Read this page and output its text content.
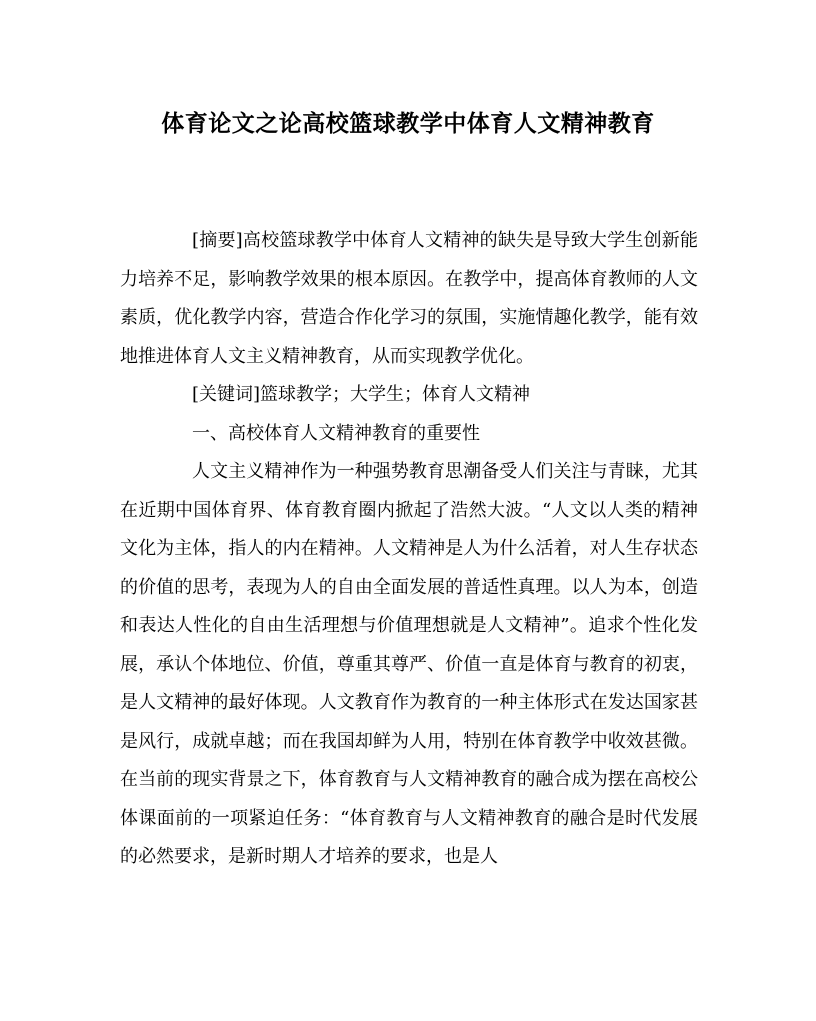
体育论文之论高校篮球教学中体育人文精神教育

[摘要]高校篮球教学中体育人文精神的缺失是导致大学生创新能力培养不足，影响教学效果的根本原因。在教学中，提高体育教师的人文素质，优化教学内容，营造合作化学习的氛围，实施情趣化教学，能有效地推进体育人文主义精神教育，从而实现教学优化。

[关键词]篮球教学；大学生；体育人文精神

一、高校体育人文精神教育的重要性

人文主义精神作为一种强势教育思潮备受人们关注与青睐，尤其在近期中国体育界、体育教育圈内掀起了浩然大波。“人文以人类的精神文化为主体，指人的内在精神。人文精神是人为什么活着，对人生存状态的价值的思考，表现为人的自由全面发展的普适性真理。以人为本，创造和表达人性化的自由生活理想与价值理想就是人文精神”。追求个性化发展，承认个体地位、价值，尊重其尊严、价值一直是体育与教育的初衷，是人文精神的最好体现。人文教育作为教育的一种主体形式在发达国家甚是风行，成就卓越；而在我国却鲜为人用，特别在体育教学中收效甚微。在当前的现实背景之下，体育教育与人文精神教育的融合成为摆在高校公体课面前的一项紧迫任务：“体育教育与人文精神教育的融合是时代发展的必然要求，是新时期人才培养的要求，也是人
